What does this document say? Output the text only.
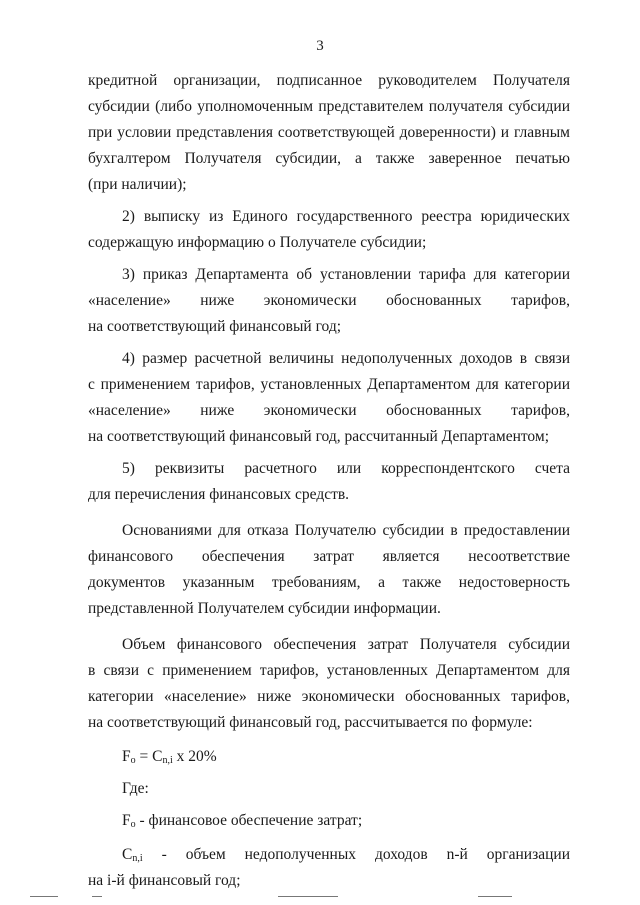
3
кредитной организации, подписанное руководителем Получателя
субсидии (либо уполномоченным представителем получателя субсидии
при условии представления соответствующей доверенности) и главным
бухгалтером Получателя субсидии, а также заверенное печатью
(при наличии);
2) выписку из Единого государственного реестра юридических
содержащую информацию о Получателе субсидии;
3) приказ Департамента об установлении тарифа для категории
«население» ниже экономически обоснованных тарифов,
на соответствующий финансовый год;
4) размер расчетной величины недополученных доходов в связи
с применением тарифов, установленных Департаментом для категории
«население» ниже экономически обоснованных тарифов,
на соответствующий финансовый год, рассчитанный Департаментом;
5) реквизиты расчетного или корреспондентского счета
для перечисления финансовых средств.
Основаниями для отказа Получателю субсидии в предоставлении
финансового обеспечения затрат является несоответствие
документов указанным требованиям, а также недостоверность
представленной Получателем субсидии информации.
Объем финансового обеспечения затрат Получателя субсидии
в связи с применением тарифов, установленных Департаментом для
категории «население» ниже экономически обоснованных тарифов,
на соответствующий финансовый год, рассчитывается по формуле:
$F_o = C_{n,i}$ x 20%
Где:
$F_o$ - финансовое обеспечение затрат;
$C_{n,i}$ - объем недополученных доходов n-й организации
на i-й финансовый год;
